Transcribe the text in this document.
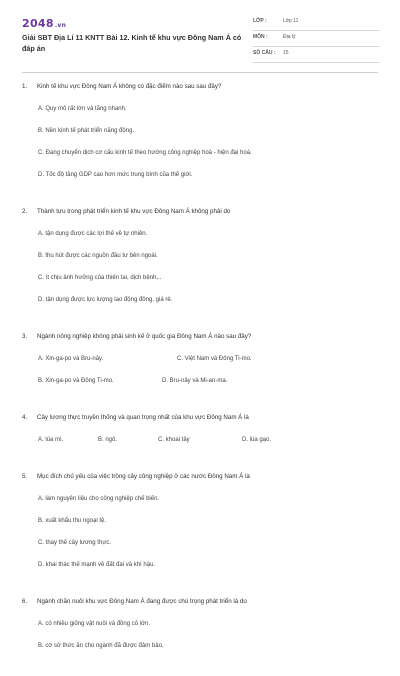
2048.vn
Giải SBT Địa Lí 11 KNTT Bài 12. Kinh tế khu vực Đông Nam Á có đáp án
LỚP :	Lớp 11
MÔN :	Địa lý
SỐ CÂU : 15
1. Kinh tế khu vực Đông Nam Á không có đặc điểm nào sau sau đây?
A. Quy mô rất lớn và tăng nhanh.
B. Nền kinh tế phát triển năng động.
C. Đang chuyển dịch cơ cấu kinh tế theo hướng công nghiệp hoá - hiện đại hoá.
D. Tốc độ tăng GDP cao hơn mức trung bình của thế giới.
2. Thành tựu trong phát triển kinh tế khu vực Đông Nam Á không phải do
A. tận dụng được các lợi thế về tự nhiên.
B. thu hút được các nguồn đầu tư bên ngoài.
C. ít chịu ảnh hưởng của thiên tai, dịch bệnh,..
D. tận dụng được lực lượng lao động đông, giá rẻ.
3. Ngành nông nghiệp không phải sinh kế ở quốc gia Đông Nam Á nào sau đây?
A. Xin-ga-po và Bru-nây.	C. Việt Nam và Đông Ti-mo.
B. Xin-ga-po và Đông Ti-mo.	D. Bru-nây và Mi-an-ma.
4. Cây lương thực truyền thống và quan trọng nhất của khu vực Đông Nam Á là
A. lúa mì.	B. ngô.	C. khoai tây	D. lúa gạo.
5. Mục đích chủ yếu của việc trồng cây công nghiệp ở các nước Đông Nam Á là
A. làm nguyên liệu cho công nghiệp chế biến.
B. xuất khẩu thu ngoại tệ.
C. thay thế cây lương thực.
D. khai thác thế mạnh về đất đai và khí hậu.
6. Ngành chăn nuôi khu vực Đông Nam Á đang được chú trọng phát triển là do
A. có nhiều giống vật nuôi và đồng cỏ lớn.
B. cơ sở thức ăn cho ngành đã được đảm bảo.
